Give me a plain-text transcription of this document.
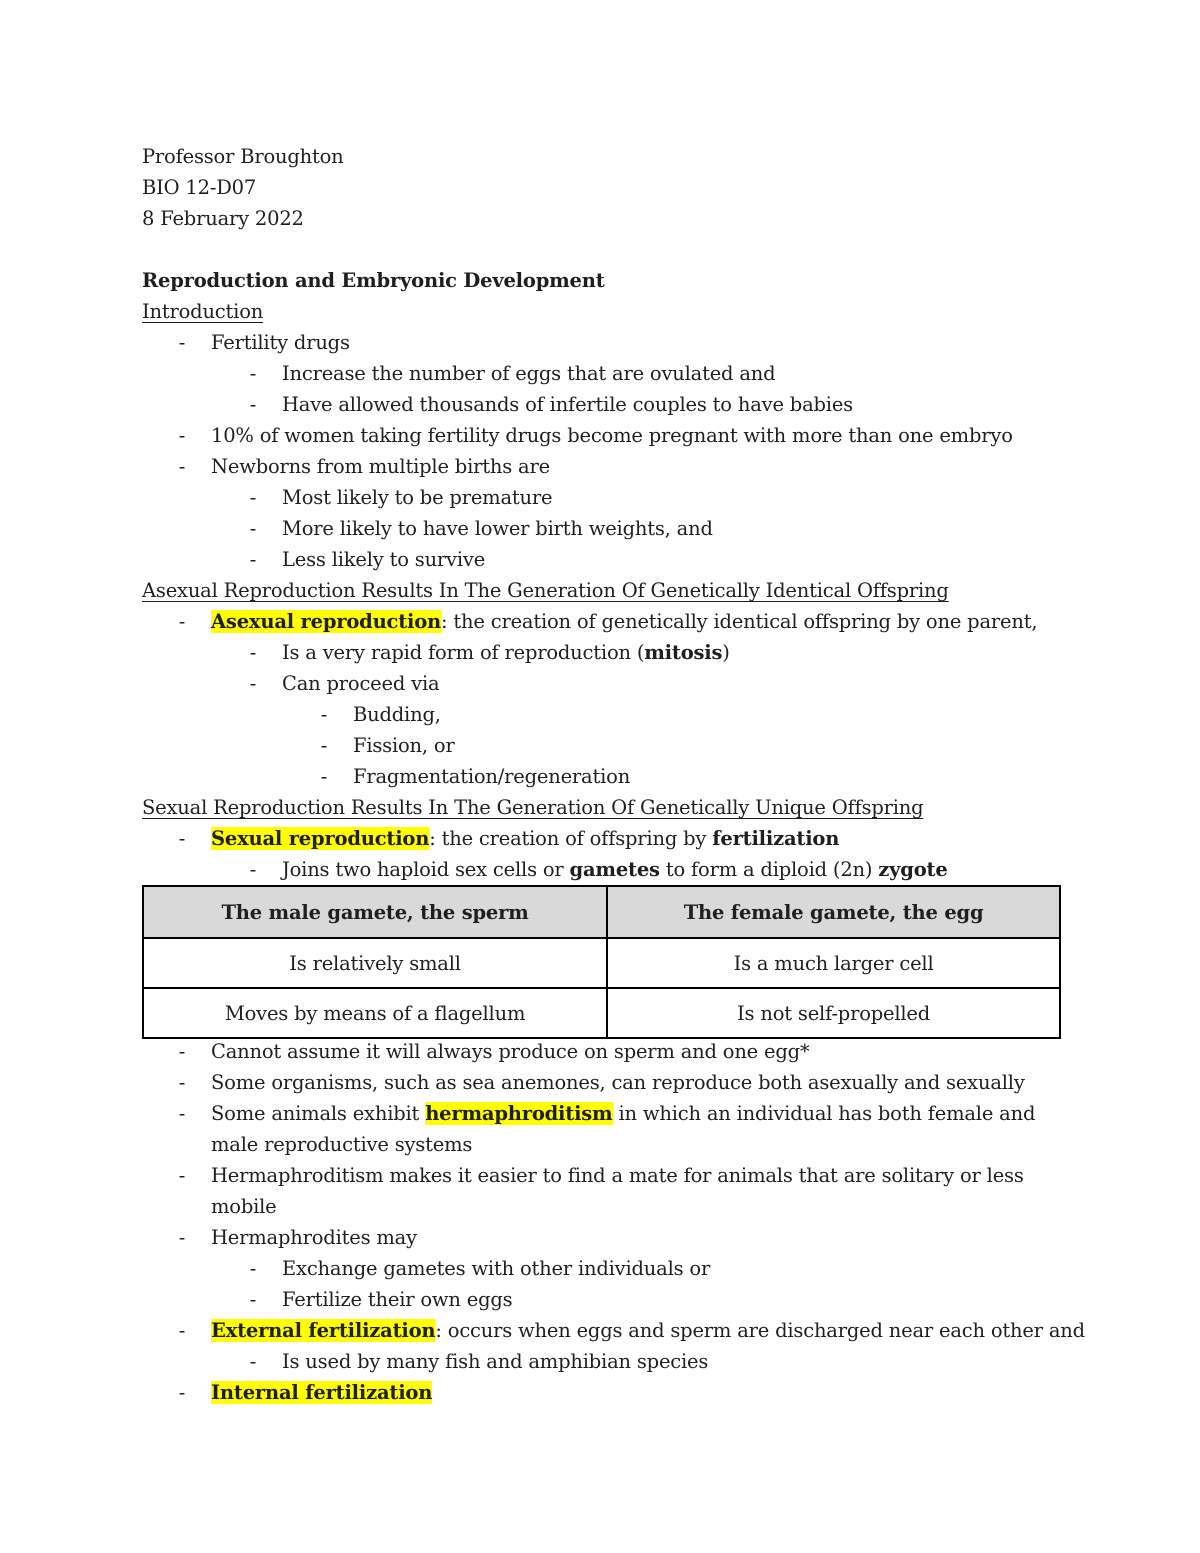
Professor Broughton
BIO 12-D07
8 February 2022
Reproduction and Embryonic Development
Introduction
-	Fertility drugs
-	Increase the number of eggs that are ovulated and
-	Have allowed thousands of infertile couples to have babies
-	10% of women taking fertility drugs become pregnant with more than one embryo
-	Newborns from multiple births are
-	Most likely to be premature
-	More likely to have lower birth weights, and
-	Less likely to survive
Asexual Reproduction Results In The Generation Of Genetically Identical Offspring
-	Asexual reproduction: the creation of genetically identical offspring by one parent,
-	Is a very rapid form of reproduction (mitosis)
-	Can proceed via
-	Budding,
-	Fission, or
-	Fragmentation/regeneration
Sexual Reproduction Results In The Generation Of Genetically Unique Offspring
-	Sexual reproduction: the creation of offspring by fertilization
-	Joins two haploid sex cells or gametes to form a diploid (2n) zygote
The male gamete, the sperm	The female gamete, the egg
Is relatively small	Is a much larger cell
Moves by means of a flagellum	Is not self-propelled
-	Cannot assume it will always produce on sperm and one egg*
-	Some organisms, such as sea anemones, can reproduce both asexually and sexually
-	Some animals exhibit hermaphroditism in which an individual has both female and
male reproductive systems
-	Hermaphroditism makes it easier to find a mate for animals that are solitary or less
mobile
-	Hermaphrodites may
-	Exchange gametes with other individuals or
-	Fertilize their own eggs
-	External fertilization: occurs when eggs and sperm are discharged near each other and
-	Is used by many fish and amphibian species
-	Internal fertilization
